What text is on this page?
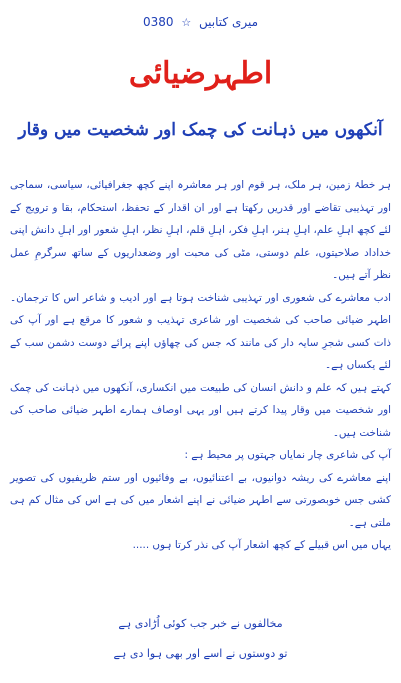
0380 ☆ میری کتابیں
اطہرضیائی
آنکھوں میں ذہانت کی چمک اور شخصیت میں وقار

ہر خطۂ زمین، ہر ملک، ہر قوم اور ہر معاشرہ اپنے کچھ جغرافیائی، سیاسی، سماجی اور تہذیبی تقاضے اور قدریں رکھتا ہے اور ان اقدار کے تحفظ، استحکام، بقا و ترویج کے لئے کچھ اہلِ علم، اہلِ ہنر، اہلِ فکر، اہلِ قلم، اہلِ نظر، اہلِ شعور اور اہلِ دانش اپنی خداداد صلاحیتوں، علم دوستی، مٹی کی محبت اور وضعداریوں کے ساتھ سرگرمِ عمل نظر آتے ہیں۔

ادب معاشرے کی شعوری اور تہذیبی شناخت ہوتا ہے اور ادیب و شاعر اس کا ترجمان۔ اطہر ضیائی صاحب کی شخصیت اور شاعری تہذیب و شعور کا مرقع ہے اور آپ کی ذات کسی شجرِ سایہ دار کی مانند کہ جس کی چھاؤں اپنے پرائے دوست دشمن سب کے لئے یکساں ہے۔

کہتے ہیں کہ علم و دانش انسان کی طبیعت میں انکساری، آنکھوں میں ذہانت کی چمک اور شخصیت میں وقار پیدا کرتے ہیں اور یہی اوصاف ہمارے اطہر ضیائی صاحب کی شناخت ہیں۔

آپ کی شاعری چار نمایاں جہتوں پر محیط ہے :

اپنے معاشرے کی ریشہ دوانیوں، بے اعتنائیوں، بے وفائیوں اور ستم ظریفیوں کی تصویر کشی جس خوبصورتی سے اطہر ضیائی نے اپنے اشعار میں کی ہے اس کی مثال کم ہی ملتی ہے۔

یہاں میں اس قبیلے کے کچھ اشعار آپ کی نذر کرتا ہوں .....

مخالفوں نے خبر جب کوئی اُڑادی ہے
تو دوستوں نے اسے اور بھی ہوا دی ہے
